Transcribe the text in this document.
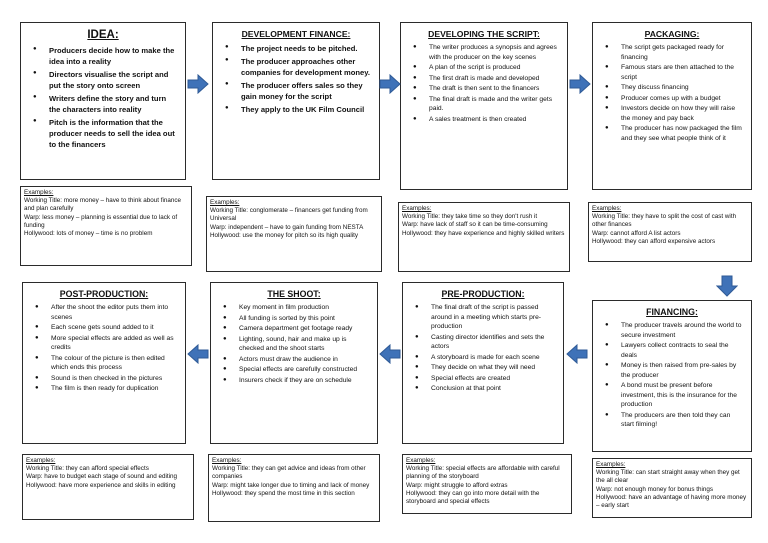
IDEA:
● Producers decide how to make the idea into a reality
● Directors visualise the script and put the story onto screen
● Writers define the story and turn the characters into reality
● Pitch is the information that the producer needs to sell the idea out to the financers
DEVELOPMENT FINANCE:
● The project needs to be pitched.
● The producer approaches other companies for development money.
● The producer offers sales so they gain money for the script
● They apply to the UK Film Council
DEVELOPING THE SCRIPT:
● The writer produces a synopsis and agrees with the producer on the key scenes
● A plan of the script is produced
● The first draft is made and developed
● The draft is then sent to the financers
● The final draft is made and the writer gets paid.
● A sales treatment is then created
PACKAGING:
● The script gets packaged ready for financing
● Famous stars are then attached to the script
● They discuss financing
● Producer comes up with a budget
● Investors decide on how they will raise the money and pay back
● The producer has now packaged the film and they see what people think of it
Examples:
Working Title: more money – have to think about finance and plan carefully
Warp: less money – planning is essential due to lack of funding
Hollywood: lots of money – time is no problem
Examples:
Working Title: conglomerate – financers get funding from Universal
Warp: independent – have to gain funding from NESTA
Hollywood: use the money for pitch so its high quality
Examples:
Working Title: they take time so they don't rush it
Warp: have lack of staff so it can be time-consuming
Hollywood: they have experience and highly skilled writers
Examples:
Working Title: they have to split the cost of cast with other finances
Warp: cannot afford A list actors
Hollywood: they can afford expensive actors
POST-PRODUCTION:
● After the shoot the editor puts them into scenes
● Each scene gets sound added to it
● More special effects are added as well as credits
● The colour of the picture is then edited which ends this process
● Sound is then checked in the pictures
● The film is then ready for duplication
THE SHOOT:
● Key moment in film production
● All funding is sorted by this point
● Camera department get footage ready
● Lighting, sound, hair and make up is checked and the shoot starts
● Actors must draw the audience in
● Special effects are carefully constructed
● Insurers check if they are on schedule
PRE-PRODUCTION:
● The final draft of the script is passed around in a meeting which starts pre-production
● Casting director identifies and sets the actors
● A storyboard is made for each scene
● They decide on what they will need
● Special effects are created
● Conclusion at that point
FINANCING:
● The producer travels around the world to secure investment
● Lawyers collect contracts to seal the deals
● Money is then raised from pre-sales by the producer
● A bond must be present before investment, this is the insurance for the production
● The producers are then told they can start filming!
Examples:
Working Title: they can afford special effects
Warp: have to budget each stage of sound and editing
Hollywood: have more experience and skills in editing
Examples:
Working Title: they can get advice and ideas from other companies
Warp: might take longer due to timing and lack of money
Hollywood: they spend the most time in this section
Examples:
Working Title: special effects are affordable with careful planning of the storyboard
Warp: might struggle to afford extras
Hollywood: they can go into more detail with the storyboard and special effects
Examples:
Working Title: can start straight away when they get the all clear
Warp: not enough money for bonus things
Hollywood: have an advantage of having more money – early start
